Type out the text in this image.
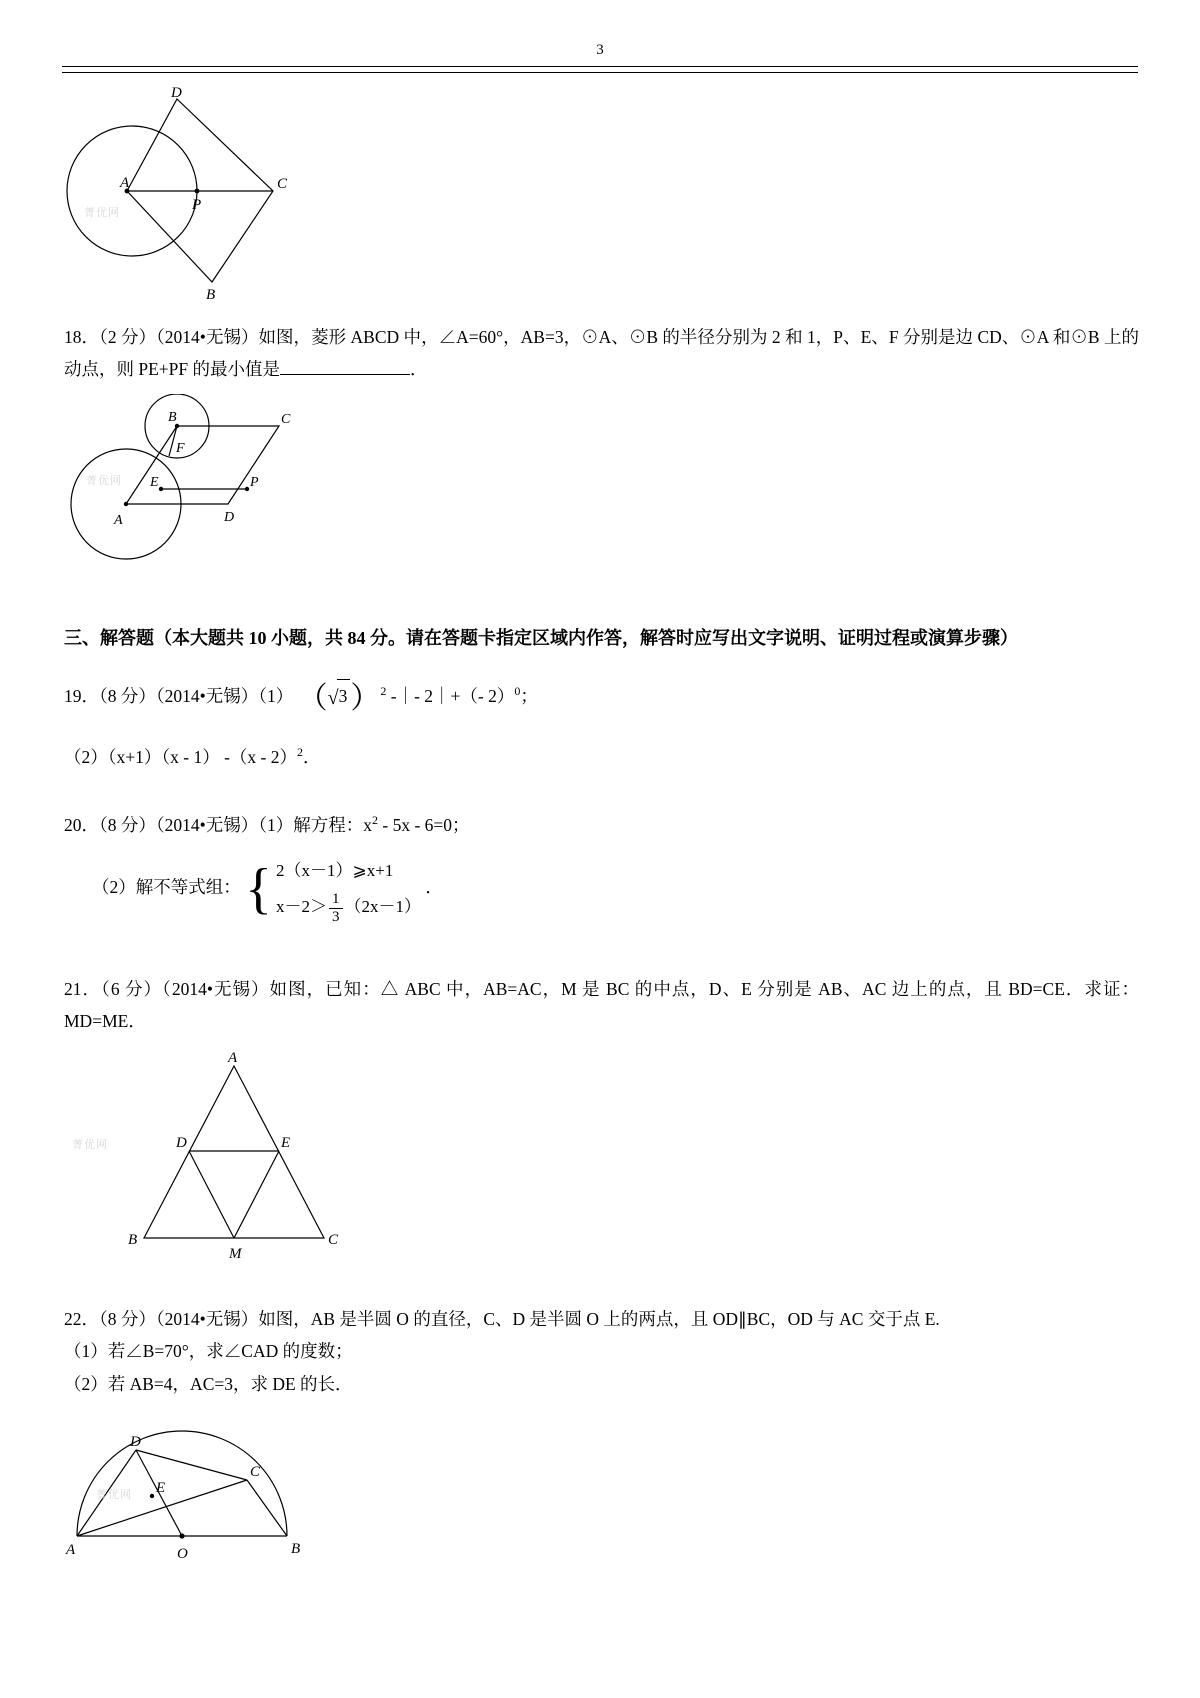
3
A
P
C
B
D
菁优网

18．（2 分）（2014•无锡）如图，菱形 ABCD 中，∠A=60°，AB=3，⊙A、⊙B 的半径分别为 2 和 1，P、E、F 分别是边 CD、⊙A 和⊙B 上的动点，则 PE+PF 的最小值是	．

B
F
C
E	P
A	D
菁优网

三、解答题（本大题共 10 小题，共 84 分。请在答题卡指定区域内作答，解答时应写出文字说明、证明过程或演算步骤）

19．（8 分）（2014•无锡）（1） （√3 ）$^2$ -｜- 2｜+（- 2）$^0$；

（2）（x+1）（x - 1） -（x - 2）$^2$．

20．（8 分）（2014•无锡）（1）解方程：$x^2 - 5x - 6=0$；

（2）解不等式组： { 2（x－1）⩾x+1
$x-2> \frac{1}{3} (2x-1)$
．

21．（6 分）（2014•无锡）如图，已知：△ ABC 中，AB=AC，M 是 BC 的中点，D、E 分别是 AB、AC 边上的点，且 BD=CE．求证：MD=ME．

A
D	E
B
M
C
菁优网

22．（8 分）（2014•无锡）如图，AB 是半圆 O 的直径，C、D 是半圆 O 上的两点，且 OD∥BC，OD 与 AC 交于点 E.

（1）若∠B=70°，求∠CAD 的度数；

（2）若 AB=4，AC=3，求 DE 的长．

D
C
E
A	O	B
菁优网
